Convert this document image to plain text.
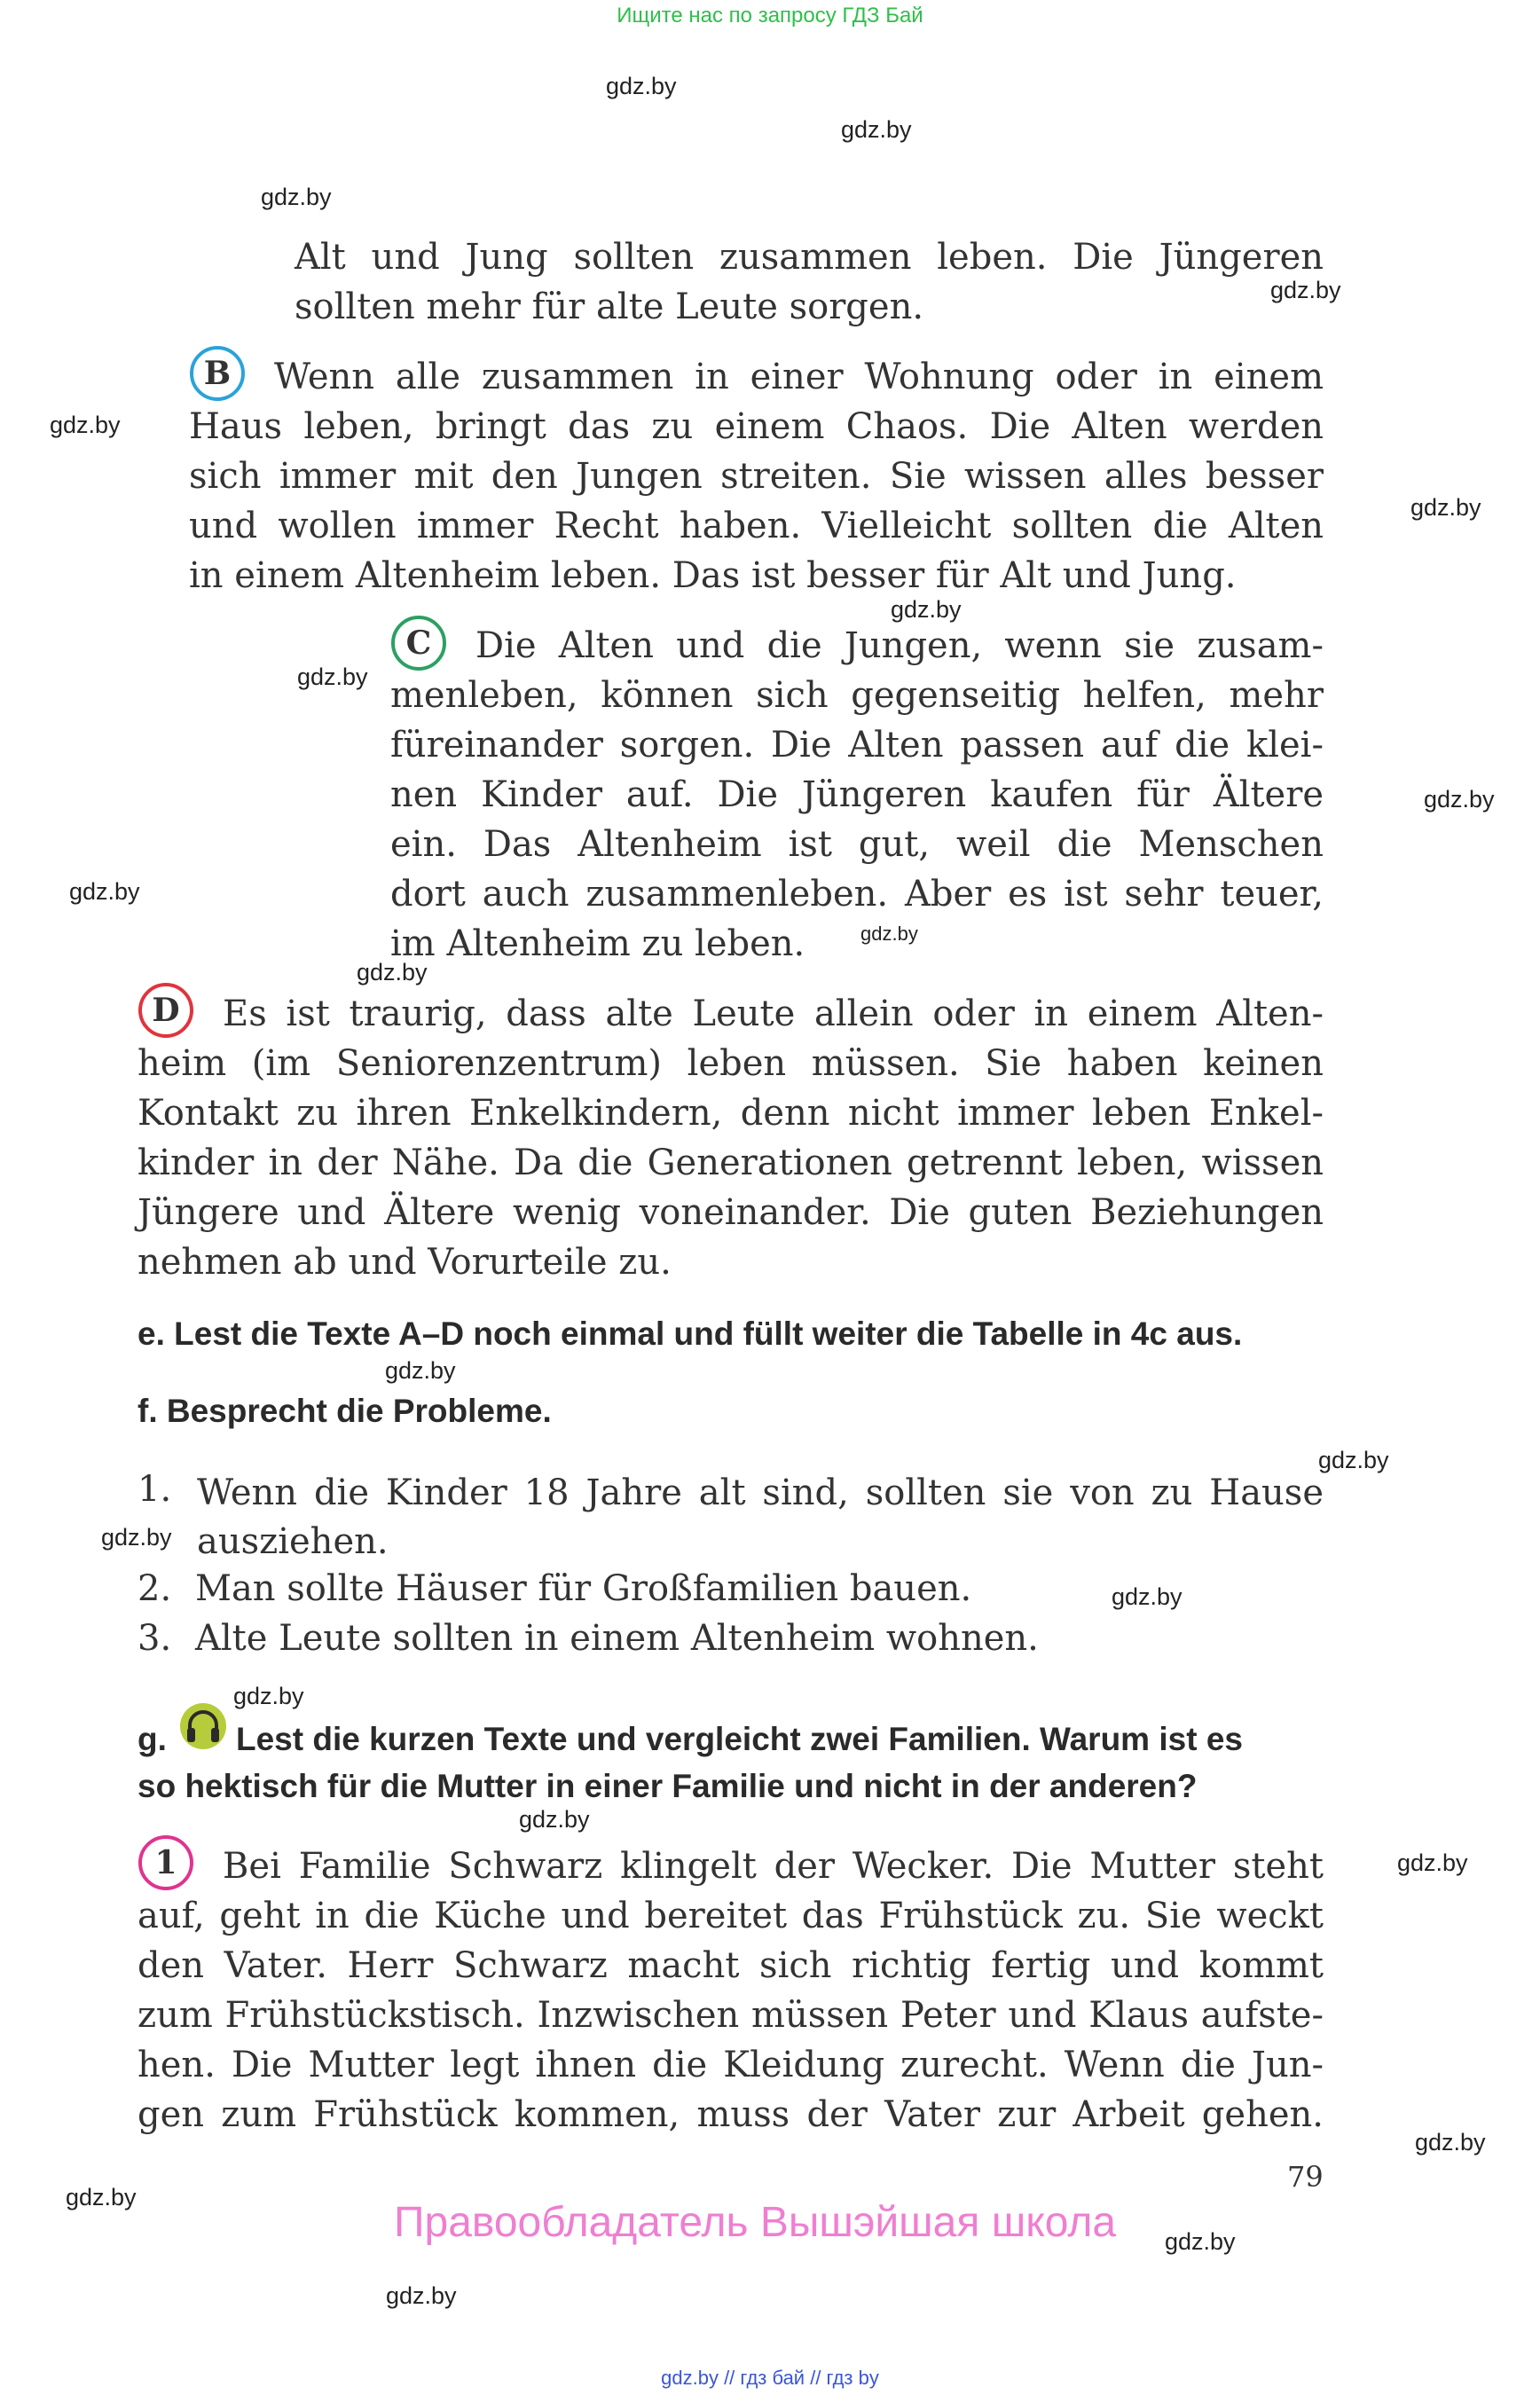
Ищите нас по запросу ГДЗ Бай
gdz.by
gdz.by
gdz.by
gdz.by
gdz.by
gdz.by
gdz.by
gdz.by
gdz.by
gdz.by
gdz.by
gdz.by
gdz.by
gdz.by
gdz.by
gdz.by
gdz.by
gdz.by
gdz.by
gdz.by
gdz.by
gdz.by
gdz.by
Alt und Jung sollten zusammen leben. Die Jüngeren
sollten mehr für alte Leute sorgen.
B	Wenn alle zusammen in einer Wohnung oder in einem
Haus leben, bringt das zu einem Chaos. Die Alten werden
sich immer mit den Jungen streiten. Sie wissen alles besser
und wollen immer Recht haben. Vielleicht sollten die Alten
in einem Altenheim leben. Das ist besser für Alt und Jung.
C	Die Alten und die Jungen, wenn sie zusam-
menleben, können sich gegenseitig helfen, mehr
füreinander sorgen. Die Alten passen auf die klei-
nen Kinder auf. Die Jüngeren kaufen für Ältere
ein. Das Altenheim ist gut, weil die Menschen
dort auch zusammenleben. Aber es ist sehr teuer,
im Altenheim zu leben.
D	Es ist traurig, dass alte Leute allein oder in einem Alten-
heim (im Seniorenzentrum) leben müssen. Sie haben keinen
Kontakt zu ihren Enkelkindern, denn nicht immer leben Enkel-
kinder in der Nähe. Da die Generationen getrennt leben, wissen
Jüngere und Ältere wenig voneinander. Die guten Beziehungen
nehmen ab und Vorurteile zu.
e. Lest die Texte A–D noch einmal und füllt weiter die Tabelle in 4c aus.
f. Besprecht die Probleme.
1. Wenn die Kinder 18 Jahre alt sind, sollten sie von zu Hause
ausziehen.
2. Man sollte Häuser für Großfamilien bauen.
3. Alte Leute sollten in einem Altenheim wohnen.
g. Lest die kurzen Texte und vergleicht zwei Familien. Warum ist es
so hektisch für die Mutter in einer Familie und nicht in der anderen?
1	Bei Familie Schwarz klingelt der Wecker. Die Mutter steht
auf, geht in die Küche und bereitet das Frühstück zu. Sie weckt
den Vater. Herr Schwarz macht sich richtig fertig und kommt
zum Frühstückstisch. Inzwischen müssen Peter und Klaus aufste-
hen. Die Mutter legt ihnen die Kleidung zurecht. Wenn die Jun-
gen zum Frühstück kommen, muss der Vater zur Arbeit gehen.
79
Правообладатель Вышэйшая школа
gdz.by // гдз бай // гдз by
